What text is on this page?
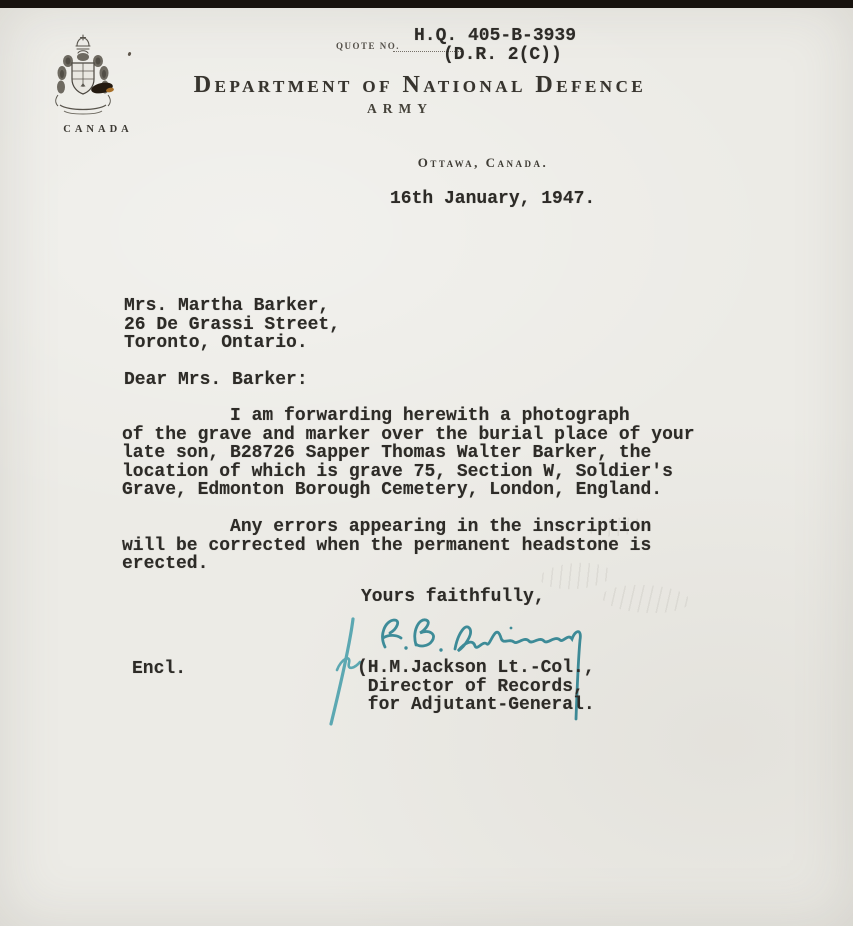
CANADA
QUOTE NO. H.Q. 405-B-3939
(D.R. 2(C))
Department of National Defence
ARMY
Ottawa, Canada.
16th January, 1947.
Mrs. Martha Barker,
26 De Grassi Street,
Toronto, Ontario.
Dear Mrs. Barker:
I am forwarding herewith a photograph
of the grave and marker over the burial place of your
late son, B28726 Sapper Thomas Walter Barker, the
location of which is grave 75, Section W, Soldier's
Grave, Edmonton Borough Cemetery, London, England.
Any errors appearing in the inscription
will be corrected when the permanent headstone is
erected.
Yours faithfully,
Encl.	(H.M.Jackson Lt.-Col.,
Director of Records,
for Adjutant-General.
